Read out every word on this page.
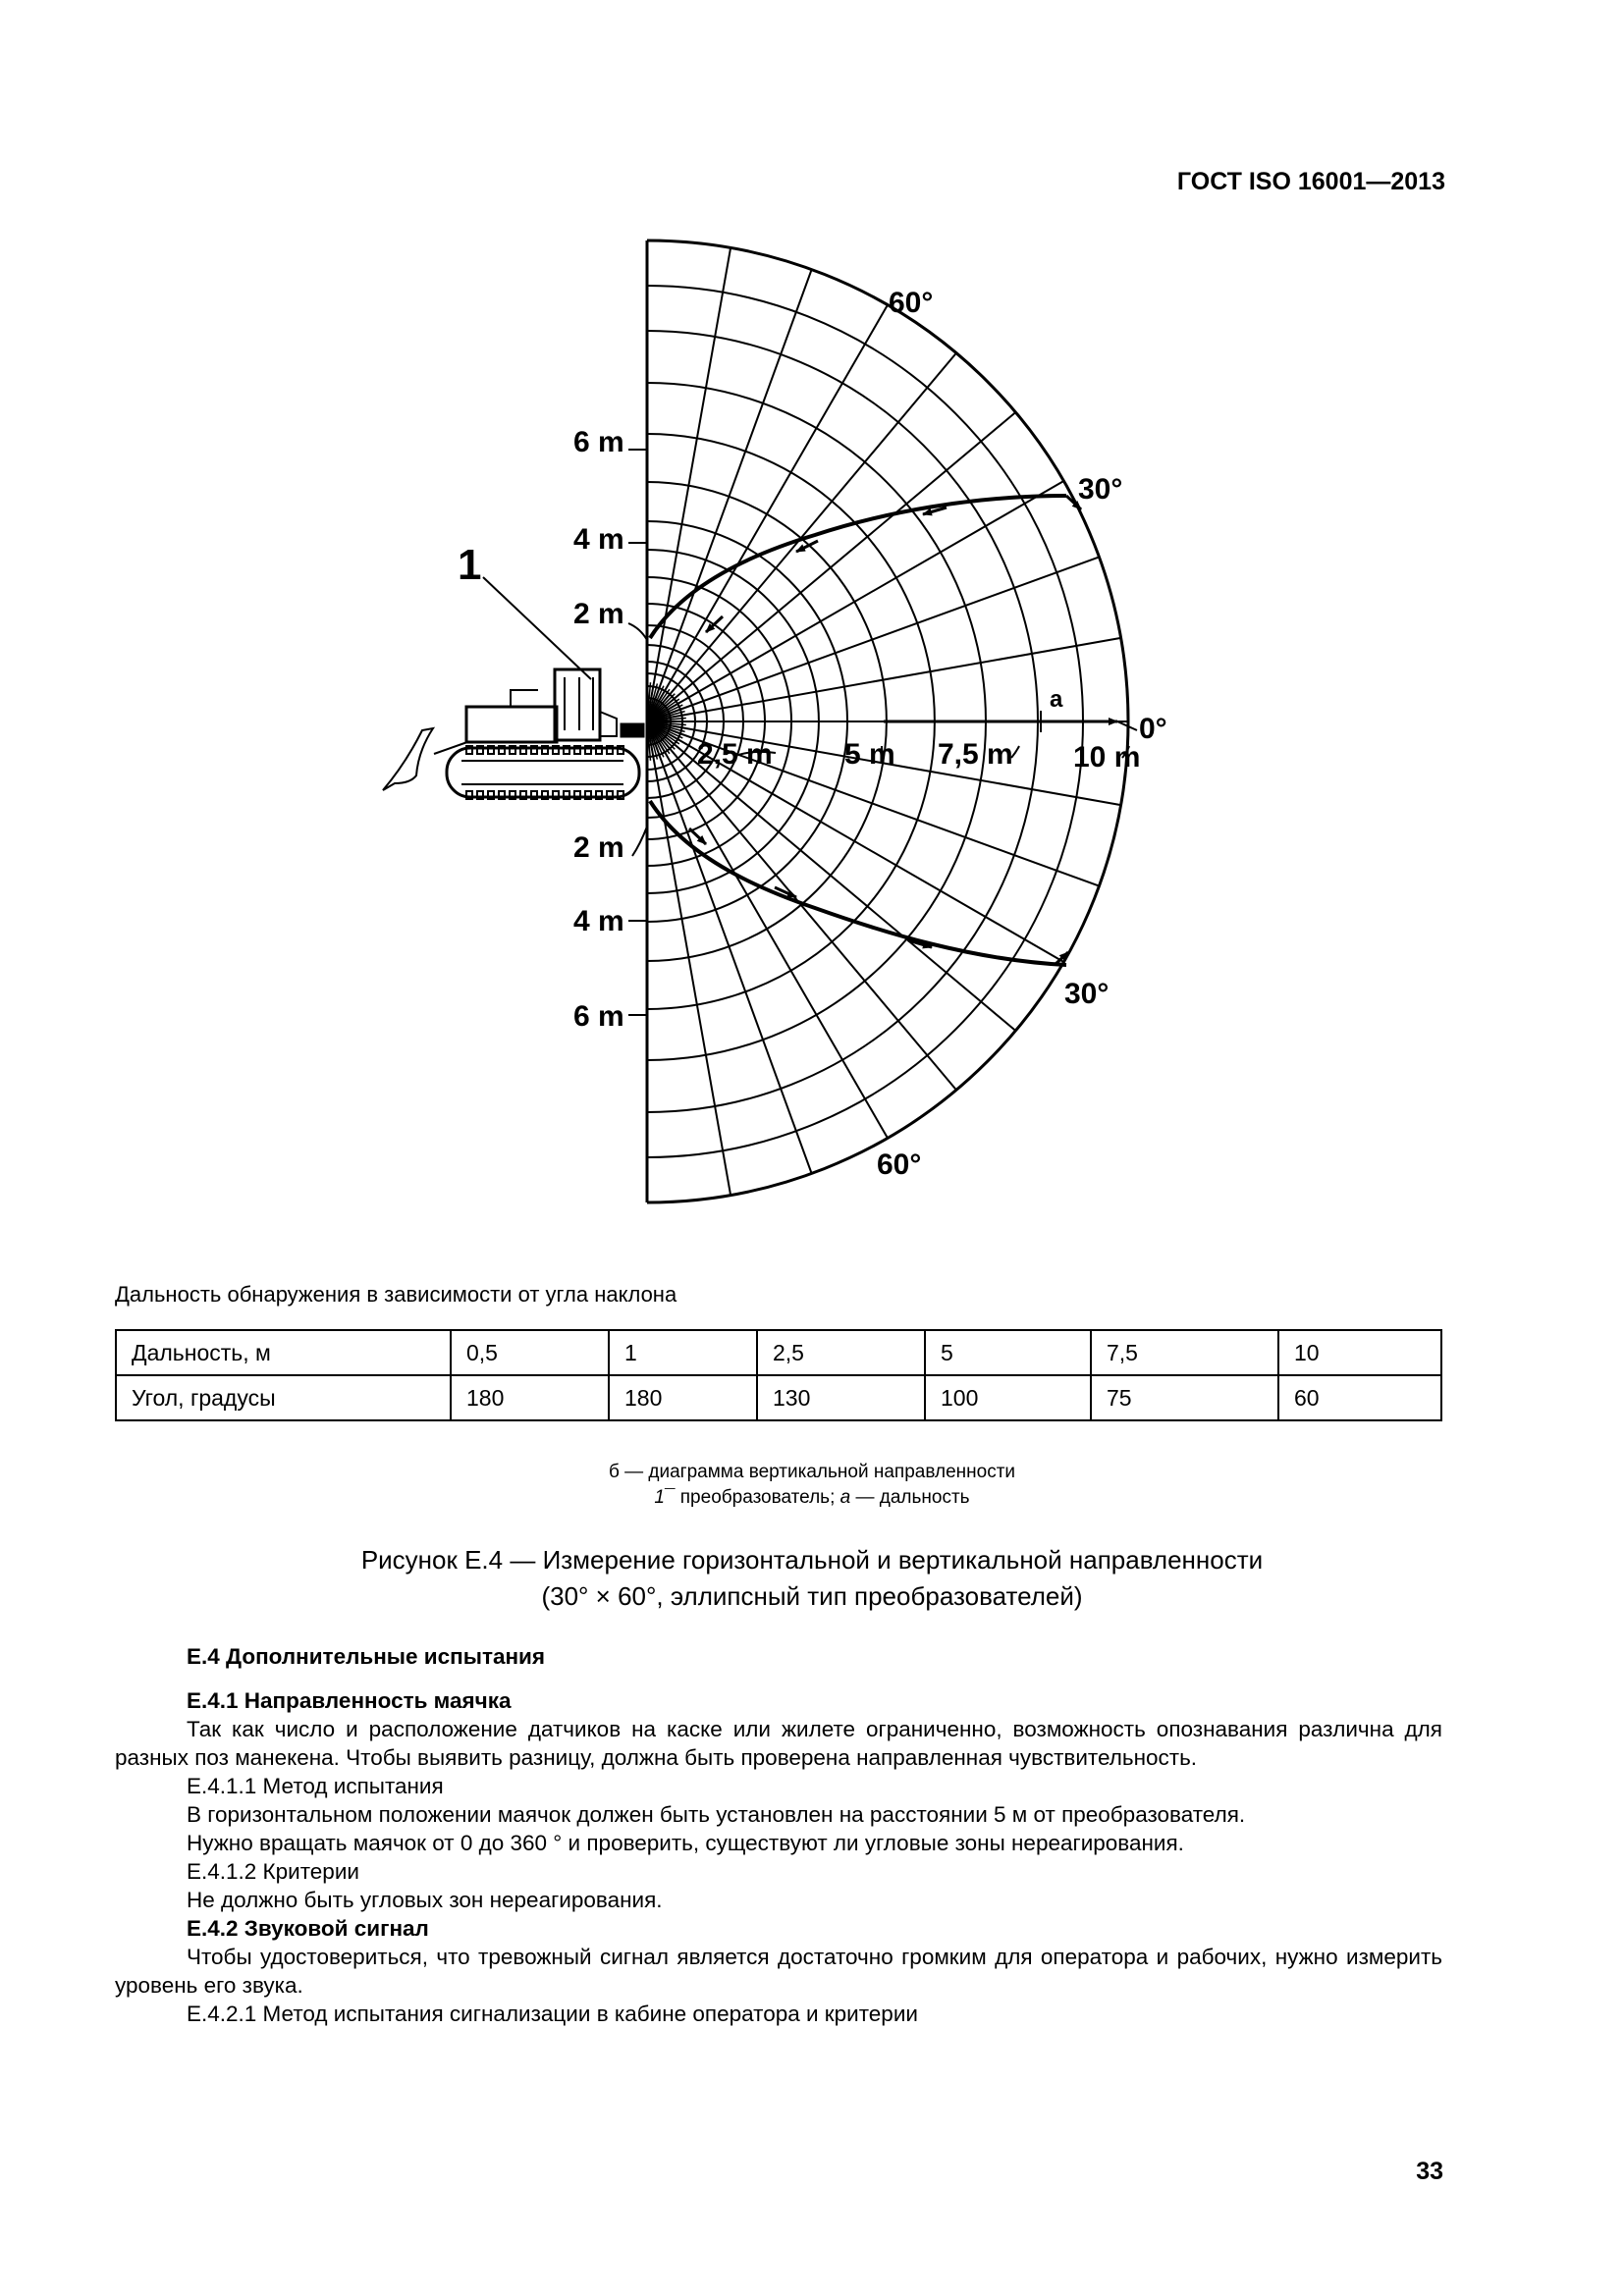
ГОСТ ISO 16001—2013
1
60°
30°
0°
30°
60°
6 m
4 m
2 m
2 m
4 m
6 m
2,5 m 5 m 7,5 m 10 m
a
Дальность обнаружения в зависимости от угла наклона
Дальность, м	0,5	1	2,5	5	7,5	10
Угол, градусы	180	180	130	100	75	60
б — диаграмма вертикальной направленности
1¯ преобразователь; a — дальность
Рисунок Е.4 — Измерение горизонтальной и вертикальной направленности
(30° × 60°, эллипсный тип преобразователей)

Е.4 Дополнительные испытания

Е.4.1 Направленность маячка

Так как число и расположение датчиков на каске или жилете ограниченно, возможность опознавания различна для разных поз манекена. Чтобы выявить разницу, должна быть проверена направленная чувствительность.

Е.4.1.1 Метод испытания

В горизонтальном положении маячок должен быть установлен на расстоянии 5 м от преобразователя.

Нужно вращать маячок от 0 до 360 ° и проверить, существуют ли угловые зоны нереагирования.

Е.4.1.2 Критерии

Не должно быть угловых зон нереагирования.

Е.4.2 Звуковой сигнал

Чтобы удостовериться, что тревожный сигнал является достаточно громким для оператора и рабочих, нужно измерить уровень его звука.

Е.4.2.1 Метод испытания сигнализации в кабине оператора и критерии

33
